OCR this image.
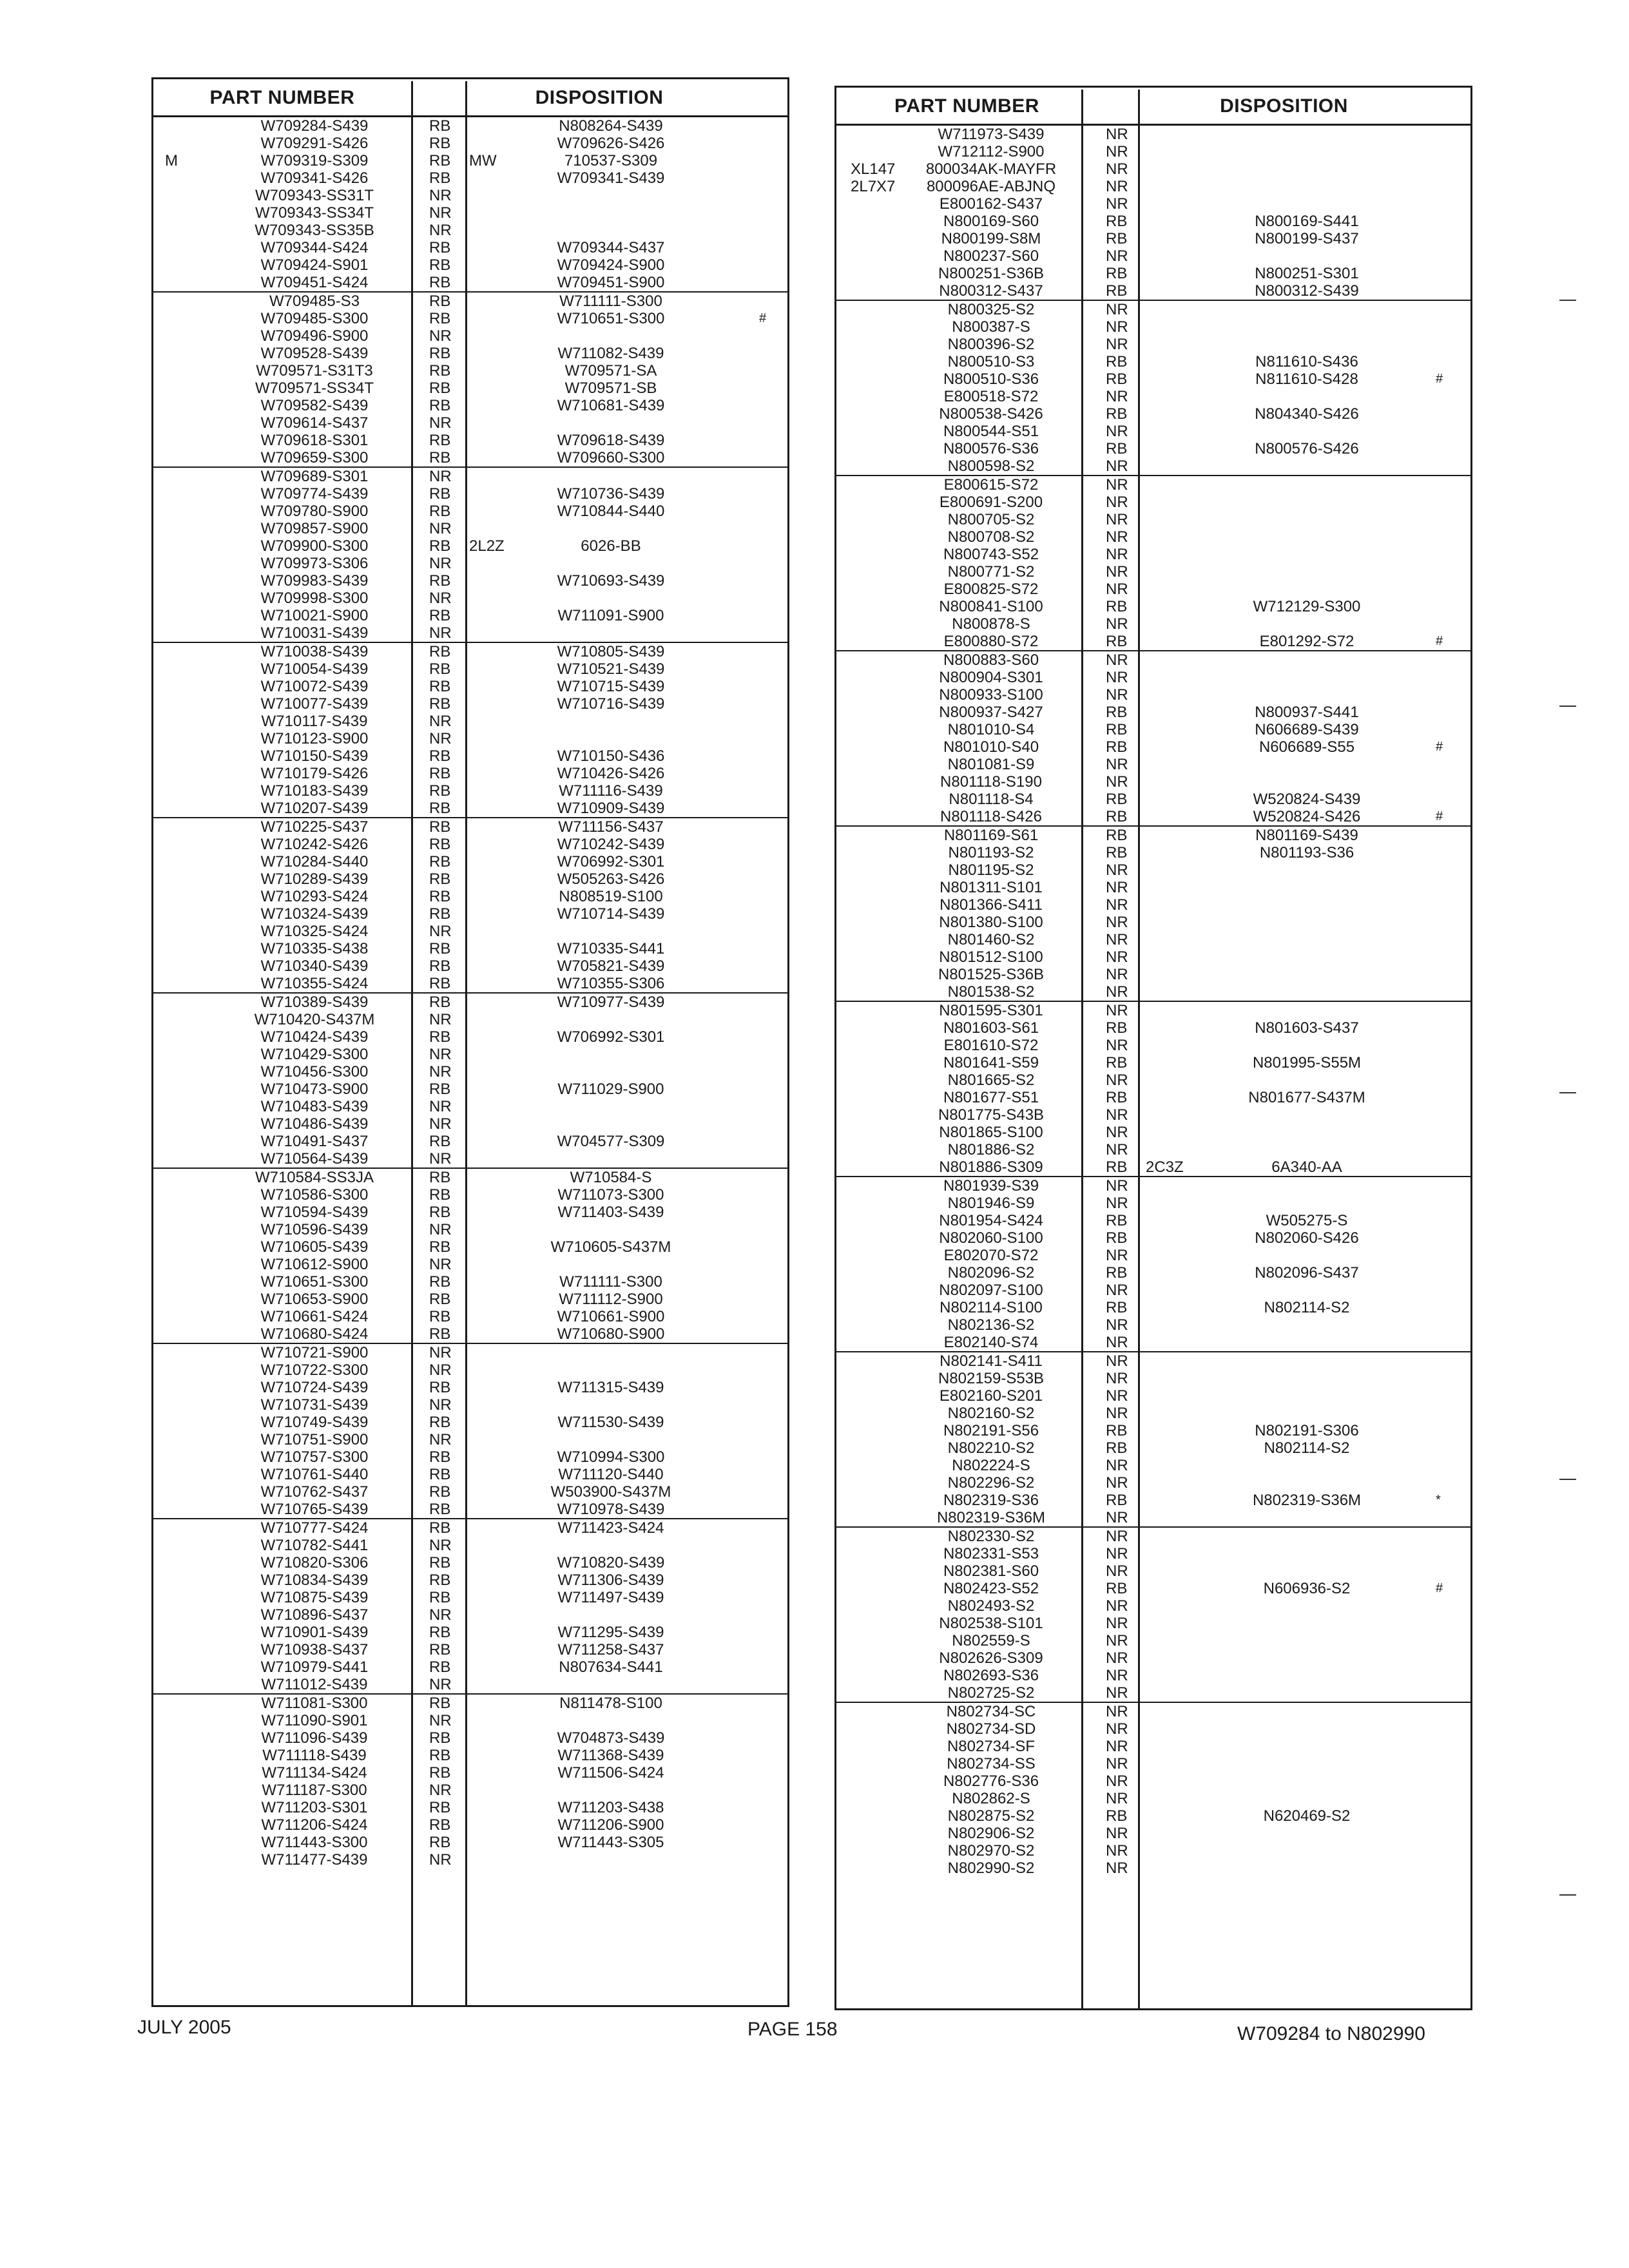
PART NUMBER	DISPOSITION
W709284-S439	RB	N808264-S439
W709291-S426	RB	W709626-S426
M	W709319-S309	RB	MW	710537-S309
W709341-S426	RB	W709341-S439
W709343-SS31T	NR
W709343-SS34T	NR
W709343-SS35B	NR
W709344-S424	RB	W709344-S437
W709424-S901	RB	W709424-S900
W709451-S424	RB	W709451-S900
W709485-S3	RB	W711111-S300
W709485-S300	RB	W710651-S300	#
W709496-S900	NR
W709528-S439	RB	W711082-S439
W709571-S31T3	RB	W709571-SA
W709571-SS34T	RB	W709571-SB
W709582-S439	RB	W710681-S439
W709614-S437	NR
W709618-S301	RB	W709618-S439
W709659-S300	RB	W709660-S300
W709689-S301	NR
W709774-S439	RB	W710736-S439
W709780-S900	RB	W710844-S440
W709857-S900	NR
W709900-S300	RB	2L2Z	6026-BB
W709973-S306	NR
W709983-S439	RB	W710693-S439
W709998-S300	NR
W710021-S900	RB	W711091-S900
W710031-S439	NR
W710038-S439	RB	W710805-S439
W710054-S439	RB	W710521-S439
W710072-S439	RB	W710715-S439
W710077-S439	RB	W710716-S439
W710117-S439	NR
W710123-S900	NR
W710150-S439	RB	W710150-S436
W710179-S426	RB	W710426-S426
W710183-S439	RB	W711116-S439
W710207-S439	RB	W710909-S439
W710225-S437	RB	W711156-S437
W710242-S426	RB	W710242-S439
W710284-S440	RB	W706992-S301
W710289-S439	RB	W505263-S426
W710293-S424	RB	N808519-S100
W710324-S439	RB	W710714-S439
W710325-S424	NR
W710335-S438	RB	W710335-S441
W710340-S439	RB	W705821-S439
W710355-S424	RB	W710355-S306
W710389-S439	RB	W710977-S439
W710420-S437M	NR
W710424-S439	RB	W706992-S301
W710429-S300	NR
W710456-S300	NR
W710473-S900	RB	W711029-S900
W710483-S439	NR
W710486-S439	NR
W710491-S437	RB	W704577-S309
W710564-S439	NR
W710584-SS3JA	RB	W710584-S
W710586-S300	RB	W711073-S300
W710594-S439	RB	W711403-S439
W710596-S439	NR
W710605-S439	RB	W710605-S437M
W710612-S900	NR
W710651-S300	RB	W711111-S300
W710653-S900	RB	W711112-S900
W710661-S424	RB	W710661-S900
W710680-S424	RB	W710680-S900
W710721-S900	NR
W710722-S300	NR
W710724-S439	RB	W711315-S439
W710731-S439	NR
W710749-S439	RB	W711530-S439
W710751-S900	NR
W710757-S300	RB	W710994-S300
W710761-S440	RB	W711120-S440
W710762-S437	RB	W503900-S437M
W710765-S439	RB	W710978-S439
W710777-S424	RB	W711423-S424
W710782-S441	NR
W710820-S306	RB	W710820-S439
W710834-S439	RB	W711306-S439
W710875-S439	RB	W711497-S439
W710896-S437	NR
W710901-S439	RB	W711295-S439
W710938-S437	RB	W711258-S437
W710979-S441	RB	N807634-S441
W711012-S439	NR
W711081-S300	RB	N811478-S100
W711090-S901	NR
W711096-S439	RB	W704873-S439
W711118-S439	RB	W711368-S439
W711134-S424	RB	W711506-S424
W711187-S300	NR
W711203-S301	RB	W711203-S438
W711206-S424	RB	W711206-S900
W711443-S300	RB	W711443-S305
W711477-S439	NR
PART NUMBER	DISPOSITION
W711973-S439	NR
W712112-S900	NR
XL147	800034AK-MAYFR	NR
2L7X7	800096AE-ABJNQ	NR
E800162-S437	NR
N800169-S60	RB	N800169-S441
N800199-S8M	RB	N800199-S437
N800237-S60	NR
N800251-S36B	RB	N800251-S301
N800312-S437	RB	N800312-S439
N800325-S2	NR
N800387-S	NR
N800396-S2	NR
N800510-S3	RB	N811610-S436
N800510-S36	RB	N811610-S428	#
E800518-S72	NR
N800538-S426	RB	N804340-S426
N800544-S51	NR
N800576-S36	RB	N800576-S426
N800598-S2	NR
E800615-S72	NR
E800691-S200	NR
N800705-S2	NR
N800708-S2	NR
N800743-S52	NR
N800771-S2	NR
E800825-S72	NR
N800841-S100	RB	W712129-S300
N800878-S	NR
E800880-S72	RB	E801292-S72	#
N800883-S60	NR
N800904-S301	NR
N800933-S100	NR
N800937-S427	RB	N800937-S441
N801010-S4	RB	N606689-S439
N801010-S40	RB	N606689-S55	#
N801081-S9	NR
N801118-S190	NR
N801118-S4	RB	W520824-S439
N801118-S426	RB	W520824-S426	#
N801169-S61	RB	N801169-S439
N801193-S2	RB	N801193-S36
N801195-S2	NR
N801311-S101	NR
N801366-S411	NR
N801380-S100	NR
N801460-S2	NR
N801512-S100	NR
N801525-S36B	NR
N801538-S2	NR
N801595-S301	NR
N801603-S61	RB	N801603-S437
E801610-S72	NR
N801641-S59	RB	N801995-S55M
N801665-S2	NR
N801677-S51	RB	N801677-S437M
N801775-S43B	NR
N801865-S100	NR
N801886-S2	NR
N801886-S309	RB	2C3Z	6A340-AA
N801939-S39	NR
N801946-S9	NR
N801954-S424	RB	W505275-S
N802060-S100	RB	N802060-S426
E802070-S72	NR
N802096-S2	RB	N802096-S437
N802097-S100	NR
N802114-S100	RB	N802114-S2
N802136-S2	NR
E802140-S74	NR
N802141-S411	NR
N802159-S53B	NR
E802160-S201	NR
N802160-S2	NR
N802191-S56	RB	N802191-S306
N802210-S2	RB	N802114-S2
N802224-S	NR
N802296-S2	NR
N802319-S36	RB	N802319-S36M	*
N802319-S36M	NR
N802330-S2	NR
N802331-S53	NR
N802381-S60	NR
N802423-S52	RB	N606936-S2	#
N802493-S2	NR
N802538-S101	NR
N802559-S	NR
N802626-S309	NR
N802693-S36	NR
N802725-S2	NR
N802734-SC	NR
N802734-SD	NR
N802734-SF	NR
N802734-SS	NR
N802776-S36	NR
N802862-S	NR
N802875-S2	RB	N620469-S2
N802906-S2	NR
N802970-S2	NR
N802990-S2	NR
JULY 2005	PAGE 158	W709284 to N802990
